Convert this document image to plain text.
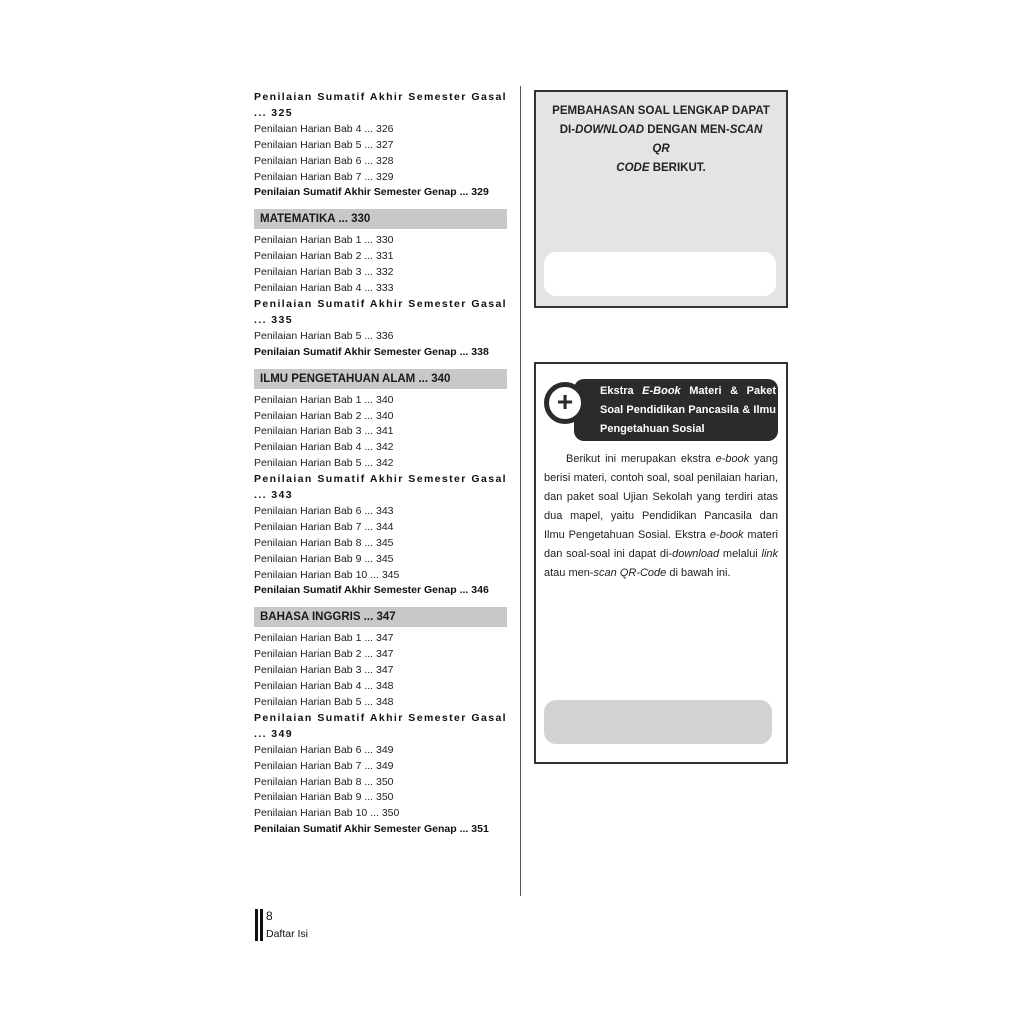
Penilaian Sumatif Akhir Semester Gasal ... 325
Penilaian Harian Bab 4 ... 326
Penilaian Harian Bab 5 ... 327
Penilaian Harian Bab 6 ... 328
Penilaian Harian Bab 7 ... 329
Penilaian Sumatif Akhir Semester Genap ... 329
MATEMATIKA ... 330
Penilaian Harian Bab 1 ... 330
Penilaian Harian Bab 2 ... 331
Penilaian Harian Bab 3 ... 332
Penilaian Harian Bab 4 ... 333
Penilaian Sumatif Akhir Semester Gasal ... 335
Penilaian Harian Bab 5 ... 336
Penilaian Sumatif Akhir Semester Genap ... 338
ILMU PENGETAHUAN ALAM ... 340
Penilaian Harian Bab 1 ... 340
Penilaian Harian Bab 2 ... 340
Penilaian Harian Bab 3 ... 341
Penilaian Harian Bab 4 ... 342
Penilaian Harian Bab 5 ... 342
Penilaian Sumatif Akhir Semester Gasal ... 343
Penilaian Harian Bab 6 ... 343
Penilaian Harian Bab 7 ... 344
Penilaian Harian Bab 8 ... 345
Penilaian Harian Bab 9 ... 345
Penilaian Harian Bab 10 ... 345
Penilaian Sumatif Akhir Semester Genap ... 346
BAHASA INGGRIS ... 347
Penilaian Harian Bab 1 ... 347
Penilaian Harian Bab 2 ... 347
Penilaian Harian Bab 3 ... 347
Penilaian Harian Bab 4 ... 348
Penilaian Harian Bab 5 ... 348
Penilaian Sumatif Akhir Semester Gasal ... 349
Penilaian Harian Bab 6 ... 349
Penilaian Harian Bab 7 ... 349
Penilaian Harian Bab 8 ... 350
Penilaian Harian Bab 9 ... 350
Penilaian Harian Bab 10 ... 350
Penilaian Sumatif Akhir Semester Genap ... 351
PEMBAHASAN SOAL LENGKAP DAPAT
DI-DOWNLOAD DENGAN MEN-SCAN QR
CODE BERIKUT.
+	Ekstra E-Book Materi & Paket Soal Pendidikan Pancasila & Ilmu Pengetahuan Sosial

Berikut ini merupakan ekstra e-book yang berisi materi, contoh soal, soal penilaian harian, dan paket soal Ujian Sekolah yang terdiri atas dua mapel, yaitu Pendidikan Pancasila dan Ilmu Pengetahuan Sosial. Ekstra e-book materi dan soal-soal ini dapat di-download melalui link atau men-scan QR-Code di bawah ini.

8
Daftar Isi
